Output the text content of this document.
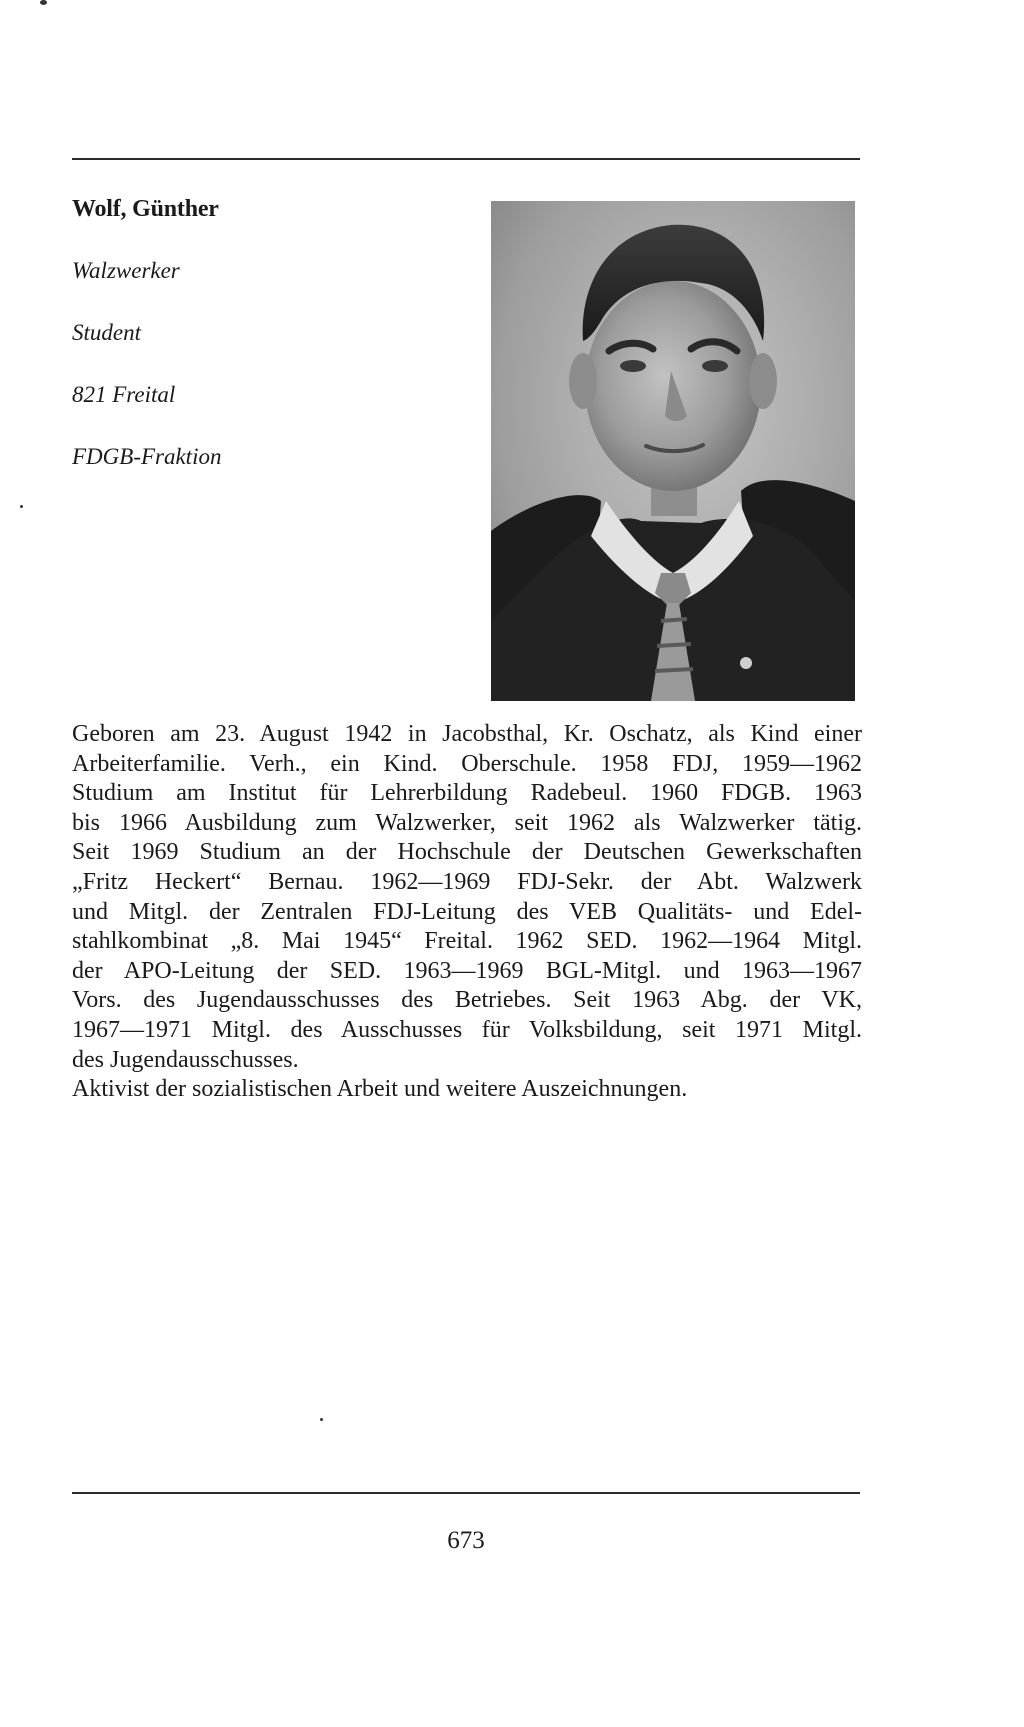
Wolf, Günther
Walzwerker
Student
821 Freital
FDGB-Fraktion
Geboren am 23. August 1942 in Jacobsthal, Kr. Oschatz, als Kind einer
Arbeiterfamilie. Verh., ein Kind. Oberschule. 1958 FDJ, 1959—1962
Studium am Institut für Lehrerbildung Radebeul. 1960 FDGB. 1963
bis 1966 Ausbildung zum Walzwerker, seit 1962 als Walzwerker tätig.
Seit 1969 Studium an der Hochschule der Deutschen Gewerkschaften
„Fritz Heckert“ Bernau. 1962—1969 FDJ-Sekr. der Abt. Walzwerk
und Mitgl. der Zentralen FDJ-Leitung des VEB Qualitäts- und Edel-
stahlkombinat „8. Mai 1945“ Freital. 1962 SED. 1962—1964 Mitgl.
der APO-Leitung der SED. 1963—1969 BGL-Mitgl. und 1963—1967
Vors. des Jugendausschusses des Betriebes. Seit 1963 Abg. der VK,
1967—1971 Mitgl. des Ausschusses für Volksbildung, seit 1971 Mitgl.
des Jugendausschusses.
Aktivist der sozialistischen Arbeit und weitere Auszeichnungen.
673
